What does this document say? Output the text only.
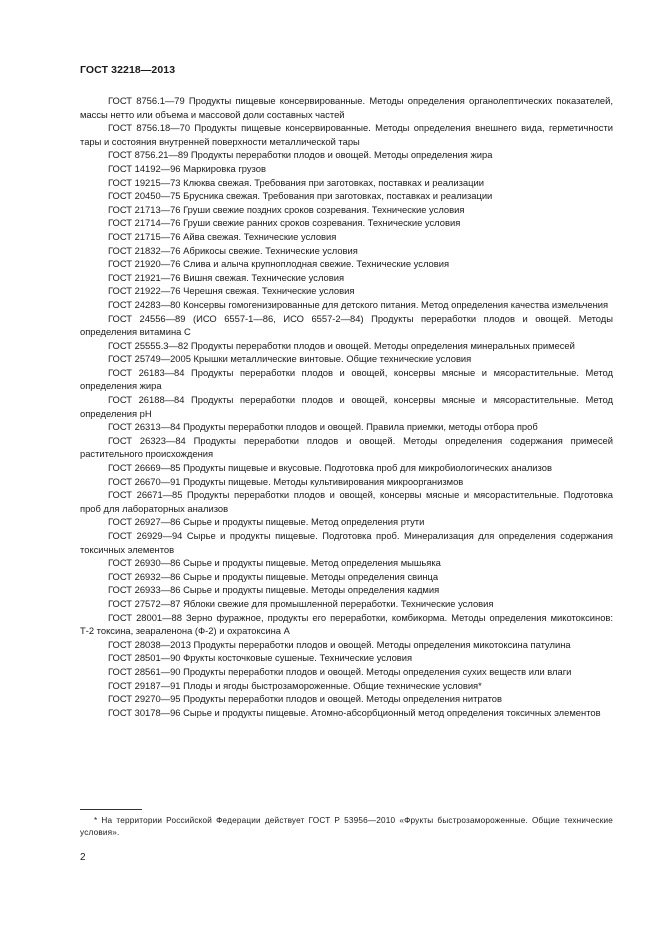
ГОСТ 32218—2013

ГОСТ 8756.1—79 Продукты пищевые консервированные. Методы определения органолептических показателей, массы нетто или объема и массовой доли составных частей

ГОСТ 8756.18—70 Продукты пищевые консервированные. Методы определения внешнего вида, герметичности тары и состояния внутренней поверхности металлической тары

ГОСТ 8756.21—89 Продукты переработки плодов и овощей. Методы определения жира

ГОСТ 14192—96 Маркировка грузов

ГОСТ 19215—73 Клюква свежая. Требования при заготовках, поставках и реализации

ГОСТ 20450—75 Брусника свежая. Требования при заготовках, поставках и реализации

ГОСТ 21713—76 Груши свежие поздних сроков созревания. Технические условия

ГОСТ 21714—76 Груши свежие ранних сроков созревания. Технические условия

ГОСТ 21715—76 Айва свежая. Технические условия

ГОСТ 21832—76 Абрикосы свежие. Технические условия

ГОСТ 21920—76 Слива и алыча крупноплодная свежие. Технические условия

ГОСТ 21921—76 Вишня свежая. Технические условия

ГОСТ 21922—76 Черешня свежая. Технические условия

ГОСТ 24283—80 Консервы гомогенизированные для детского питания. Метод определения качества измельчения

ГОСТ 24556—89 (ИСО 6557-1—86, ИСО 6557-2—84) Продукты переработки плодов и овощей. Методы определения витамина С

ГОСТ 25555.3—82 Продукты переработки плодов и овощей. Методы определения минеральных примесей

ГОСТ 25749—2005 Крышки металлические винтовые. Общие технические условия

ГОСТ 26183—84 Продукты переработки плодов и овощей, консервы мясные и мясорастительные. Метод определения жира

ГОСТ 26188—84 Продукты переработки плодов и овощей, консервы мясные и мясорастительные. Метод определения pH

ГОСТ 26313—84 Продукты переработки плодов и овощей. Правила приемки, методы отбора проб

ГОСТ 26323—84 Продукты переработки плодов и овощей. Методы определения содержания примесей растительного происхождения

ГОСТ 26669—85 Продукты пищевые и вкусовые. Подготовка проб для микробиологических анализов

ГОСТ 26670—91 Продукты пищевые. Методы культивирования микроорганизмов

ГОСТ 26671—85 Продукты переработки плодов и овощей, консервы мясные и мясорастительные. Подготовка проб для лабораторных анализов

ГОСТ 26927—86 Сырье и продукты пищевые. Метод определения ртути

ГОСТ 26929—94 Сырье и продукты пищевые. Подготовка проб. Минерализация для определения содержания токсичных элементов

ГОСТ 26930—86 Сырье и продукты пищевые. Метод определения мышьяка

ГОСТ 26932—86 Сырье и продукты пищевые. Методы определения свинца

ГОСТ 26933—86 Сырье и продукты пищевые. Методы определения кадмия

ГОСТ 27572—87 Яблоки свежие для промышленной переработки. Технические условия

ГОСТ 28001—88 Зерно фуражное, продукты его переработки, комбикорма. Методы определения микотоксинов: Т-2 токсина, зеараленона (Ф-2) и охратоксина А

ГОСТ 28038—2013 Продукты переработки плодов и овощей. Методы определения микотоксина патулина

ГОСТ 28501—90 Фрукты косточковые сушеные. Технические условия

ГОСТ 28561—90 Продукты переработки плодов и овощей. Методы определения сухих веществ или влаги

ГОСТ 29187—91 Плоды и ягоды быстрозамороженные. Общие технические условия*

ГОСТ 29270—95 Продукты переработки плодов и овощей. Методы определения нитратов

ГОСТ 30178—96 Сырье и продукты пищевые. Атомно-абсорбционный метод определения токсичных элементов

* На территории Российской Федерации действует ГОСТ Р 53956—2010 «Фрукты быстрозамороженные. Общие технические условия».
2
